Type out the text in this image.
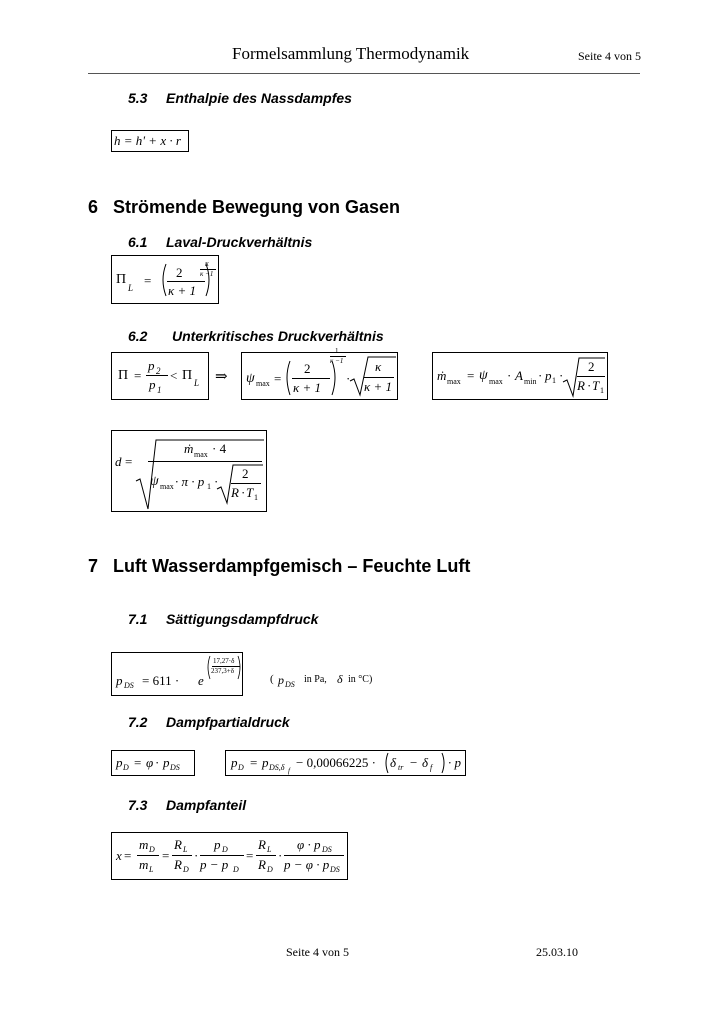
Formelsammlung Thermodynamik	Seite 4 von 5
5.3 Enthalpie des Nassdampfes
h = h' + x · r
6 Strömende Bewegung von Gasen
6.1 Laval-Druckverhältnis
Π
L =
2
κ + 1
κ
κ −1
6.2 Unterkritisches Druckverhältnis
Π =
p 2
p 1
< Π L ⇒ ψ max =
2
κ + 1
1
κ −1
·
κ
κ + 1
ṁ max = ψ max · A min · p 1 ·
2
R · T 1
d =
ṁ max · 4
ψ max · π · p 1 ·
2
R · T 1
7 Luft Wasserdampfgemisch – Feuchte Luft
7.1 Sättigungsdampfdruck
p DS = 611 · e
17,27·δ
237,3+δ
( p DS in Pa, δ in °C)
7.2 Dampfpartialdruck
p D = φ · p DS	p D = p DS,δ f
− 0,00066225 · δ tr − δ f · p
7.3 Dampfanteil
x =
m D
m L
=
R L
R D
·
p D
p − p D
=
R L
R D
·
φ · p DS
p − φ · p DS
Seite 4 von 5	25.03.10
